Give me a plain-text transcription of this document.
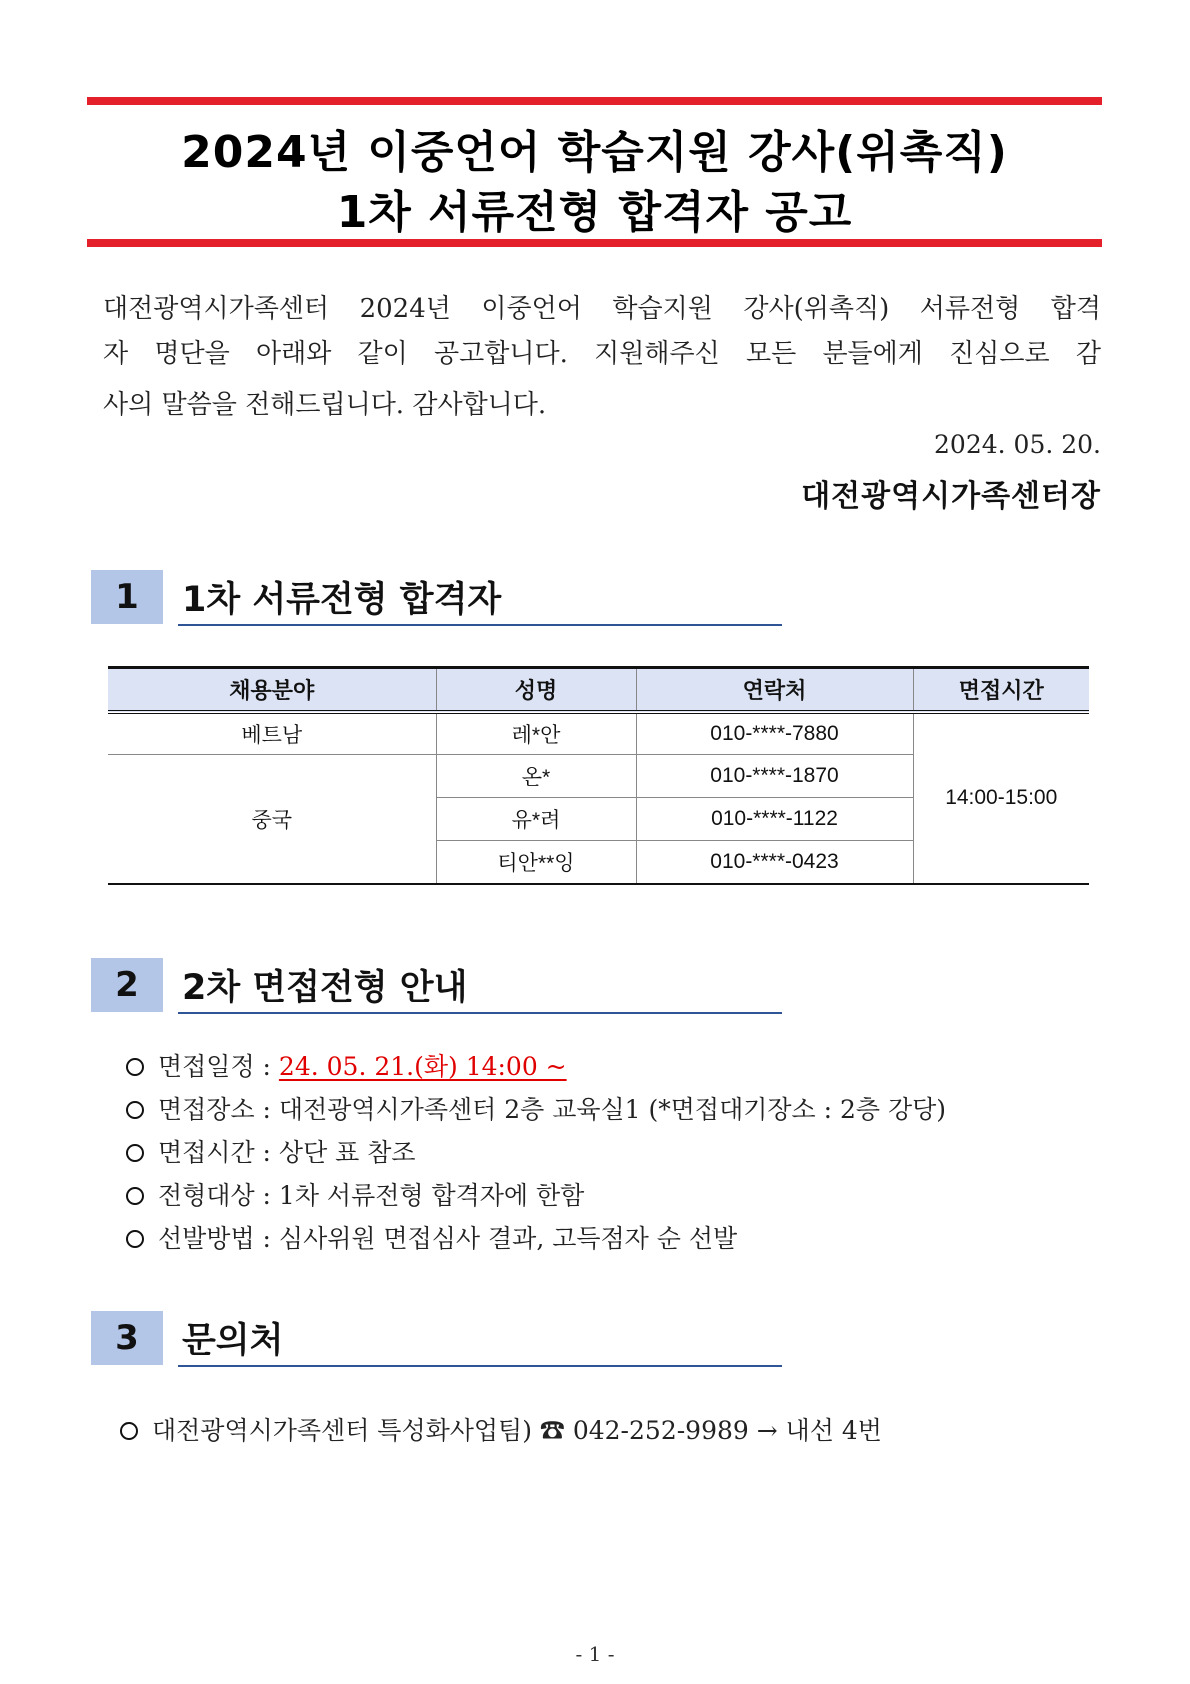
2024년 이중언어 학습지원 강사(위촉직)
1차 서류전형 합격자 공고
대전광역시가족센터 2024년 이중언어 학습지원 강사(위촉직) 서류전형 합격
자 명단을 아래와 같이 공고합니다. 지원해주신 모든 분들에게 진심으로 감
사의 말씀을 전해드립니다. 감사합니다.
2024. 05. 20.
대전광역시가족센터장
1	1차 서류전형 합격자
채용분야	성명	연락처	면접시간
베트남	레*안	010-****-7880	14:00-15:00
중국	온*	010-****-1870	
	유*려	010-****-1122	
	티안**잉	010-****-0423	
2	2차 면접전형 안내
면접일정 : 24. 05. 21.(화) 14:00 ~
면접장소 : 대전광역시가족센터 2층 교육실1 (*면접대기장소 : 2층 강당)
면접시간 : 상단 표 참조
전형대상 : 1차 서류전형 합격자에 한함
선발방법 : 심사위원 면접심사 결과, 고득점자 순 선발
3	문의처
대전광역시가족센터 특성화사업팀) ☎ 042-252-9989 → 내선 4번
- 1 -
